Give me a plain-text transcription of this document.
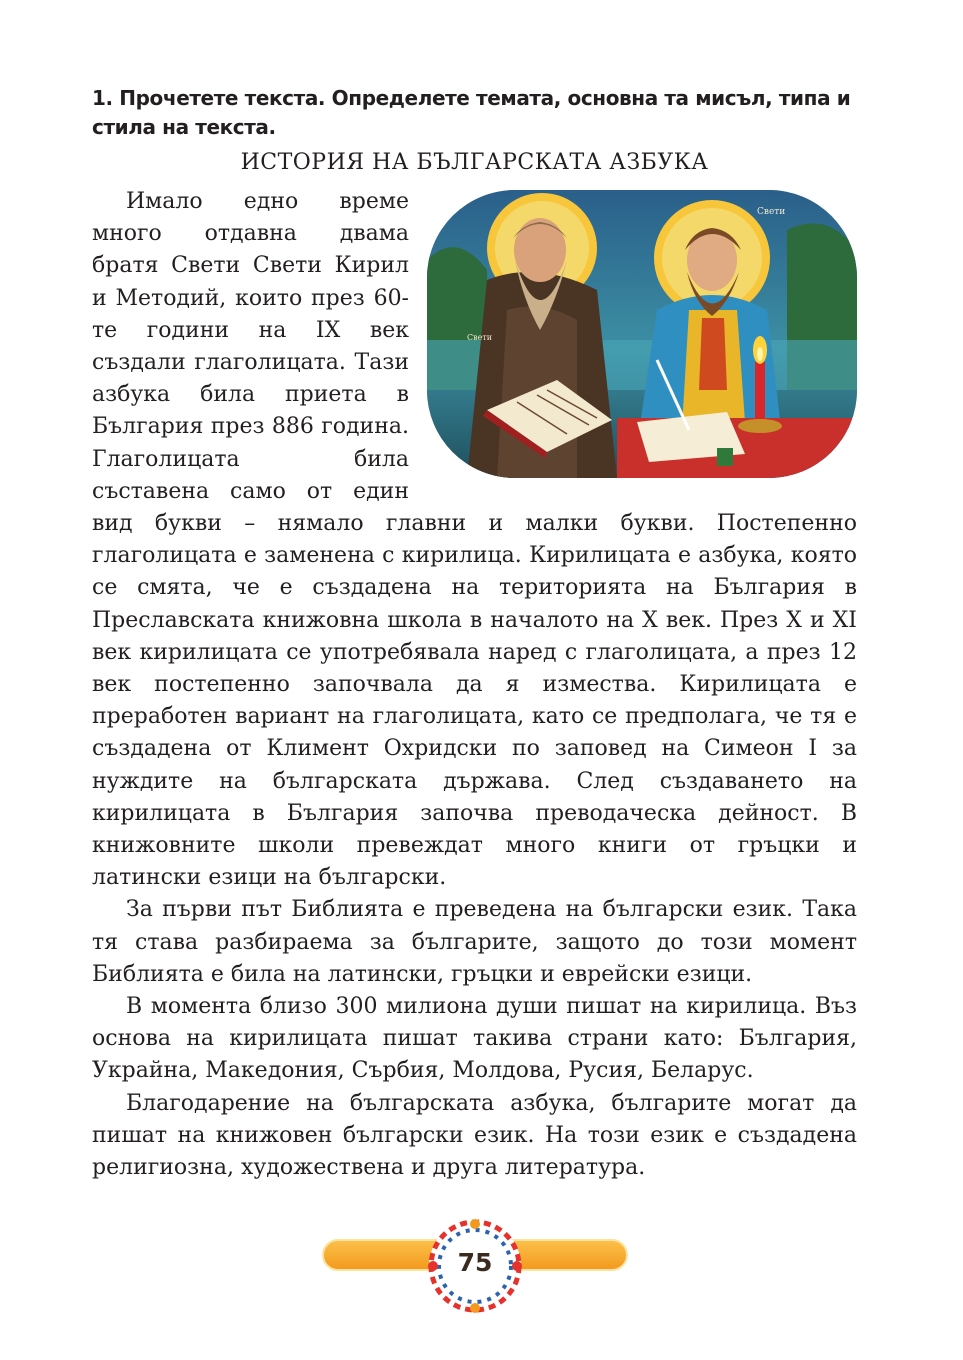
1. Прочетете текста. Определете темата, основна та мисъл, типа и стила на текста.
ИСТОРИЯ НА БЪЛГАРСКАТА АЗБУКА
Свети
Свети

Имало едно време много отдавна двама братя Свети Свети Кирил и Методий, които през 60-те години на IX век създали глаголицата. Тази азбука била приета в България през 886 година. Глаголицата била съставена само от един вид букви – нямало главни и малки букви. Постепенно глаголицата е заменена с кирилица. Кирилицата е азбука, която се смята, че е създадена на територията на България в Преславската книжовна школа в началото на X век. През X и XI век кирилицата се употребявала наред с глаголицата, а през 12 век постепенно започвала да я измества. Кирилицата е преработен вариант на глаголицата, като се предполага, че тя е създадена от Климент Охридски по заповед на Симеон I за нуждите на българската държава. След създаването на кирилицата в България започва преводаческа дейност. В книжовните школи превеждат много книги от гръцки и латински езици на български.

За първи път Библията е преведена на български език. Така тя става разбираема за българите, защото до този момент Библията е била на латински, гръцки и еврейски езици.

В момента близо 300 милиона души пишат на кирилица. Въз основа на кирилицата пишат такива страни като: България, Украйна, Македония, Сърбия, Молдова, Русия, Беларус.

Благодарение на българската азбука, българите могат да пишат на книжовен български език. На този език е създадена религиозна, художествена и друга литература.

75
